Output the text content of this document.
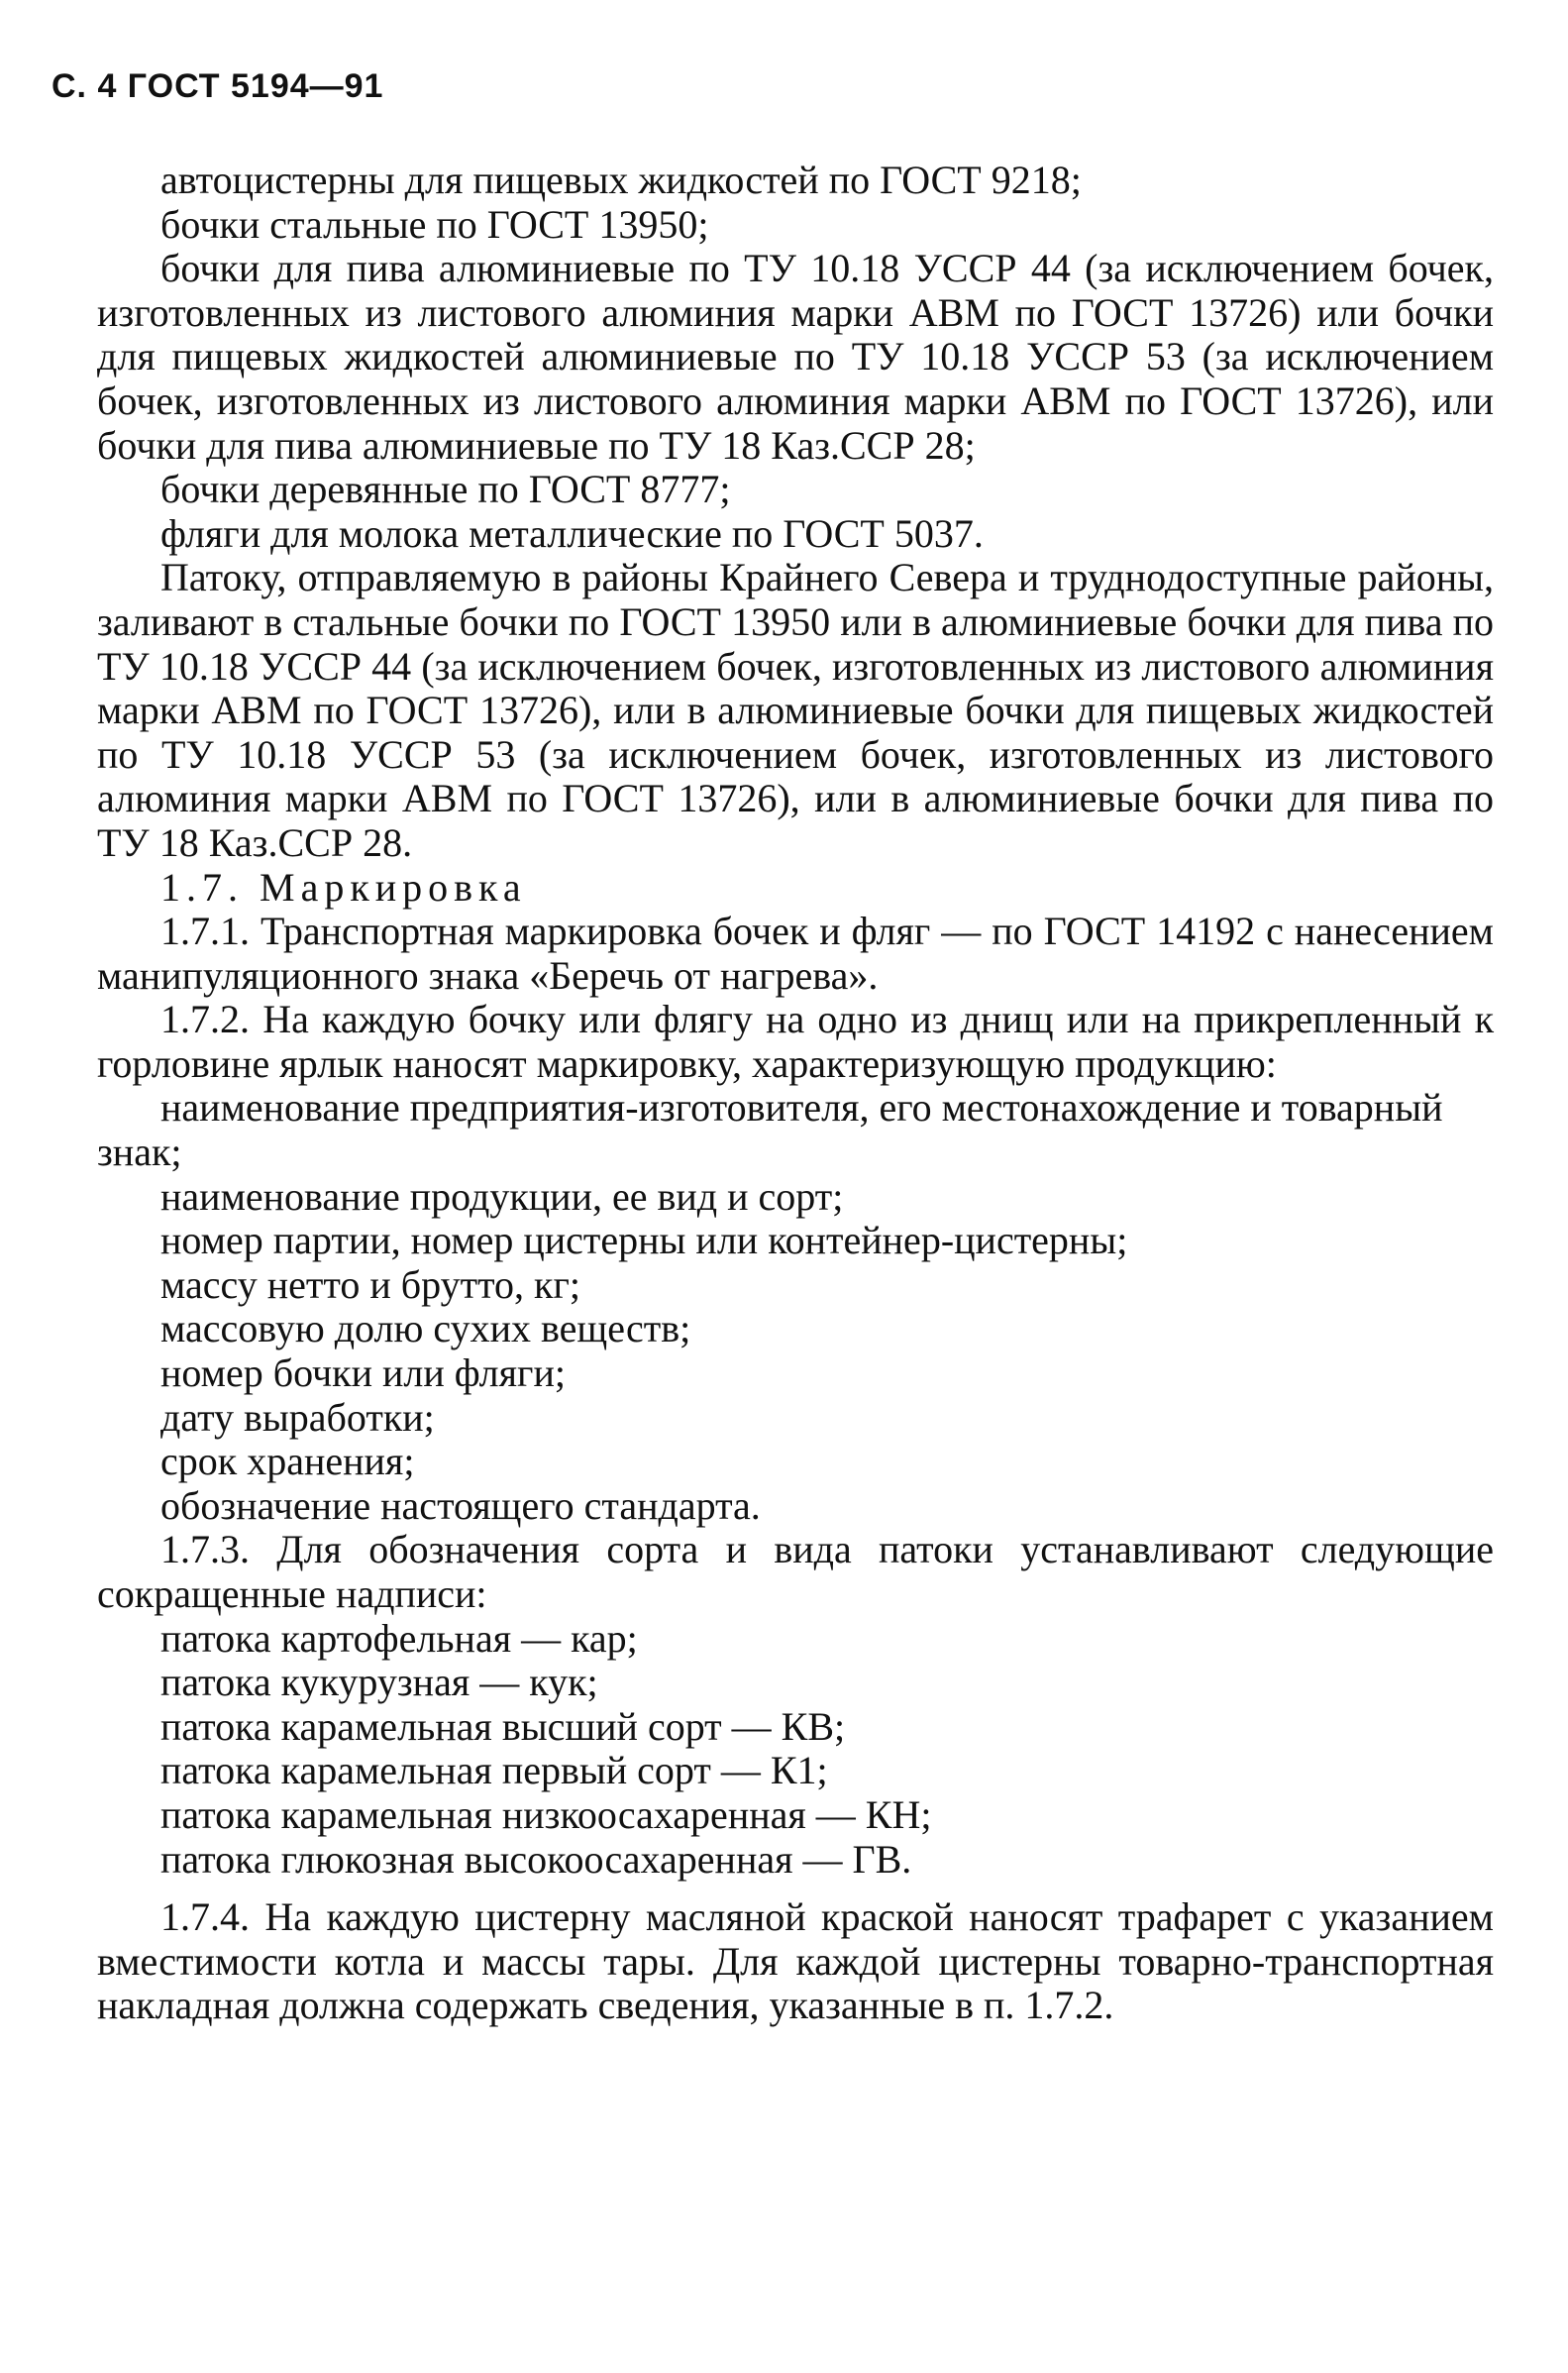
С. 4 ГОСТ 5194—91

автоцистерны для пищевых жидкостей по ГОСТ 9218;

бочки стальные по ГОСТ 13950;

бочки для пива алюминиевые по ТУ 10.18 УССР 44 (за исключением бочек, изготовленных из листового алюминия марки АВМ по ГОСТ 13726) или бочки для пищевых жидкостей алюминиевые по ТУ 10.18 УССР 53 (за исключением бочек, изготовленных из листового алюминия марки АВМ по ГОСТ 13726), или бочки для пива алюминиевые по ТУ 18 Каз.ССР 28;

бочки деревянные по ГОСТ 8777;

фляги для молока металлические по ГОСТ 5037.

Патоку, отправляемую в районы Крайнего Севера и труднодоступные районы, заливают в стальные бочки по ГОСТ 13950 или в алюминиевые бочки для пива по ТУ 10.18 УССР 44 (за исключением бочек, изготовленных из листового алюминия марки АВМ по ГОСТ 13726), или в алюминиевые бочки для пищевых жидкостей по ТУ 10.18 УССР 53 (за исключением бочек, изготовленных из листового алюминия марки АВМ по ГОСТ 13726), или в алюминиевые бочки для пива по ТУ 18 Каз.ССР 28.

1.7. Маркировка

1.7.1. Транспортная маркировка бочек и фляг — по ГОСТ 14192 с нанесением манипуляционного знака «Беречь от нагрева».

1.7.2. На каждую бочку или флягу на одно из днищ или на прикрепленный к горловине ярлык наносят маркировку, характеризующую продукцию:

наименование предприятия-изготовителя, его местонахождение и товарный знак;

наименование продукции, ее вид и сорт;

номер партии, номер цистерны или контейнер-цистерны;

массу нетто и брутто, кг;

массовую долю сухих веществ;

номер бочки или фляги;

дату выработки;

срок хранения;

обозначение настоящего стандарта.

1.7.3. Для обозначения сорта и вида патоки устанавливают следующие сокращенные надписи:

патока картофельная — кар;

патока кукурузная — кук;

патока карамельная высший сорт — КВ;

патока карамельная первый сорт — К1;

патока карамельная низкоосахаренная — КН;

патока глюкозная высокоосахаренная — ГВ.

1.7.4. На каждую цистерну масляной краской наносят трафарет с указанием вместимости котла и массы тары. Для каждой цистерны товарно-транспортная накладная должна содержать сведения, указанные в п. 1.7.2.
